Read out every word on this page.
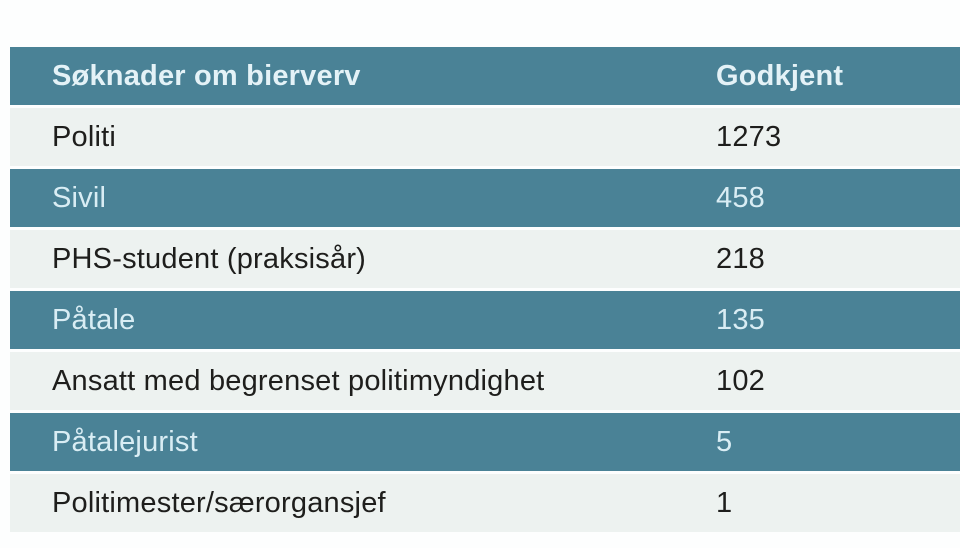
Søknader om bierverv	Godkjent
Politi	1273
Sivil	458
PHS-student (praksisår)	218
Påtale	135
Ansatt med begrenset politimyndighet	102
Påtalejurist	5
Politimester/særorgansjef	1
